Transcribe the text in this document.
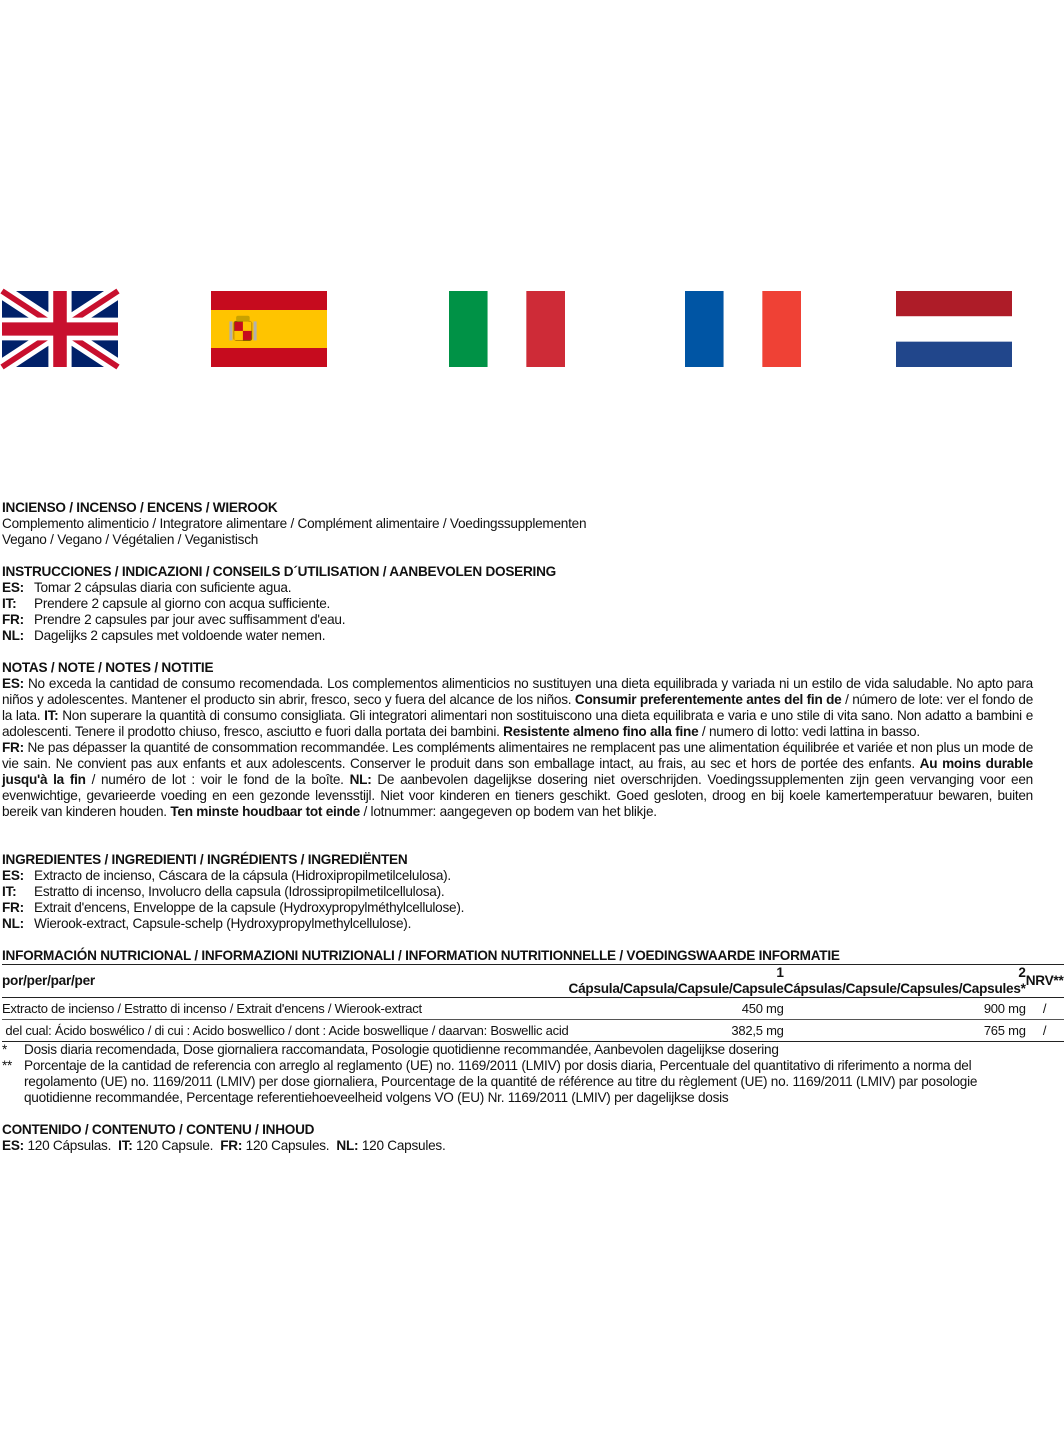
INCIENSO / INCENSO / ENCENS / WIEROOK
Complemento alimenticio / Integratore alimentare / Complément alimentaire / Voedingssupplementen
Vegano / Vegano / Végétalien / Veganistisch
INSTRUCCIONES / INDICAZIONI / CONSEILS D´UTILISATION / AANBEVOLEN DOSERING
ES: Tomar 2 cápsulas diaria con suficiente agua.
IT: Prendere 2 capsule al giorno con acqua sufficiente.
FR: Prendre 2 capsules par jour avec suffisamment d'eau.
NL: Dagelijks 2 capsules met voldoende water nemen.
NOTAS / NOTE / NOTES / NOTITIE
ES: No exceda la cantidad de consumo recomendada. Los complementos alimenticios no sustituyen una dieta equilibrada y variada ni un estilo de vida saludable. No apto para niños y adolescentes. Mantener el producto sin abrir, fresco, seco y fuera del alcance de los niños. Consumir preferentemente antes del fin de / número de lote: ver el fondo de la lata. IT: Non superare la quantità di consumo consigliata. Gli integratori alimentari non sostituiscono una dieta equilibrata e varia e uno stile di vita sano. Non adatto a bambini e adolescenti. Tenere il prodotto chiuso, fresco, asciutto e fuori dalla portata dei bambini. Resistente almeno fino alla fine / numero di lotto: vedi lattina in basso.
FR: Ne pas dépasser la quantité de consommation recommandée. Les compléments alimentaires ne remplacent pas une alimentation équilibrée et variée et non plus un mode de vie sain. Ne convient pas aux enfants et aux adolescents. Conserver le produit dans son emballage intact, au frais, au sec et hors de portée des enfants. Au moins durable jusqu'à la fin / numéro de lot : voir le fond de la boîte. NL: De aanbevolen dagelijkse dosering niet overschrijden. Voedingssupplementen zijn geen vervanging voor een evenwichtige, gevarieerde voeding en een gezonde levensstijl. Niet voor kinderen en tieners geschikt. Goed gesloten, droog en bij koele kamertemperatuur bewaren, buiten bereik van kinderen houden. Ten minste houdbaar tot einde / lotnummer: aangegeven op bodem van het blikje.
INGREDIENTES / INGREDIENTI / INGRÉDIENTS / INGREDIËNTEN
ES: Extracto de incienso, Cáscara de la cápsula (Hidroxipropilmetilcelulosa).
IT: Estratto di incenso, Involucro della capsula (Idrossipropilmetilcellulosa).
FR: Extrait d'encens, Enveloppe de la capsule (Hydroxypropylméthylcellulose).
NL: Wierook-extract, Capsule-schelp (Hydroxypropylmethylcellulose).
INFORMACIÓN NUTRICIONAL / INFORMAZIONI NUTRIZIONALI / INFORMATION NUTRITIONNELLE / VOEDINGSWAARDE INFORMATIE
por/per/par/per	1 Cápsula/Capsula/Capsule/Capsule	2 Cápsulas/Capsule/Capsules/Capsules*	NRV**
Extracto de incienso / Estratto di incenso / Extrait d'encens / Wierook-extract	450 mg	900 mg	/
del cual: Ácido boswélico / di cui : Acido boswellico / dont : Acide boswellique / daarvan: Boswellic acid	382,5 mg	765 mg	/
*	Dosis diaria recomendada, Dose giornaliera raccomandata, Posologie quotidienne recommandée, Aanbevolen dagelijkse dosering
** Porcentaje de la cantidad de referencia con arreglo al reglamento (UE) no. 1169/2011 (LMIV) por dosis diaria, Percentuale del quantitativo di riferimento a norma del regolamento (UE) no. 1169/2011 (LMIV) per dose giornaliera, Pourcentage de la quantité de référence au titre du règlement (UE) no. 1169/2011 (LMIV) par posologie quotidienne recommandée, Percentage referentiehoeveelheid volgens VO (EU) Nr. 1169/2011 (LMIV) per dagelijkse dosis
CONTENIDO / CONTENUTO / CONTENU / INHOUD
ES: 120 Cápsulas. IT: 120 Capsule. FR: 120 Capsules. NL: 120 Capsules.
